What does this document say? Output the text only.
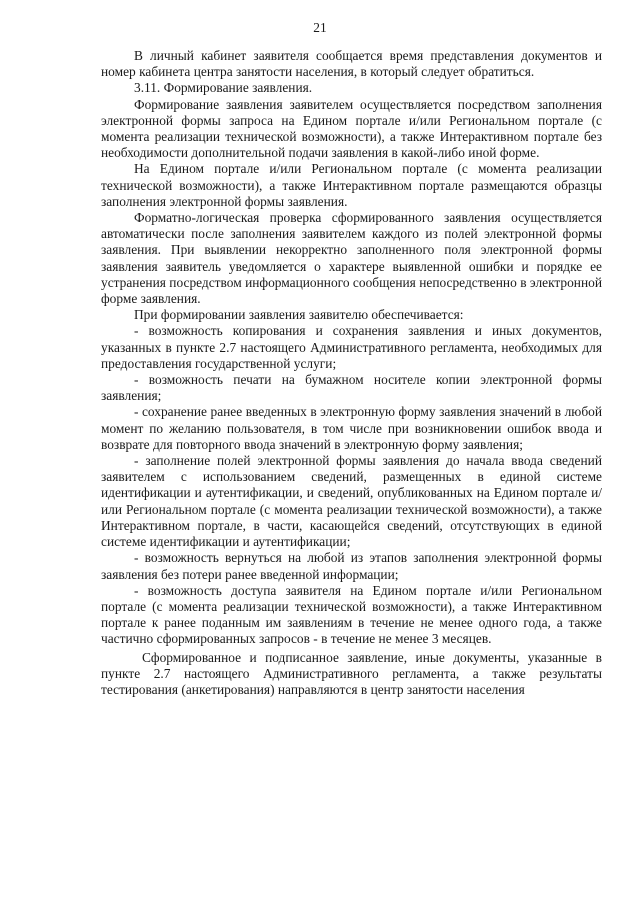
21

В личный кабинет заявителя сообщается время представления документов и номер кабинета центра занятости населения, в который следует обратиться.

3.11. Формирование заявления.

Формирование заявления заявителем осуществляется посредством заполнения электронной формы запроса на Едином портале и/или Региональном портале (с момента реализации технической возможности), а также Интерактивном портале без необходимости дополнительной подачи заявления в какой-либо иной форме.

На Едином портале и/или Региональном портале (с момента реализации технической возможности), а также Интерактивном портале размещаются образцы заполнения электронной формы заявления.

Форматно-логическая проверка сформированного заявления осуществляется автоматически после заполнения заявителем каждого из полей электронной формы заявления. При выявлении некорректно заполненного поля электронной формы заявления заявитель уведомляется о характере выявленной ошибки и порядке ее устранения посредством информационного сообщения непосредственно в электронной форме заявления.

При формировании заявления заявителю обеспечивается:

- возможность копирования и сохранения заявления и иных документов, указанных в пункте 2.7 настоящего Административного регламента, необходимых для предоставления государственной услуги;

- возможность печати на бумажном носителе копии электронной формы заявления;

- сохранение ранее введенных в электронную форму заявления значений в любой момент по желанию пользователя, в том числе при возникновении ошибок ввода и возврате для повторного ввода значений в электронную форму заявления;

- заполнение полей электронной формы заявления до начала ввода сведений заявителем с использованием сведений, размещенных в единой системе идентификации и аутентификации, и сведений, опубликованных на Едином портале и/или Региональном портале (с момента реализации технической возможности), а также Интерактивном портале, в части, касающейся сведений, отсутствующих в единой системе идентификации и аутентификации;

- возможность вернуться на любой из этапов заполнения электронной формы заявления без потери ранее введенной информации;

- возможность доступа заявителя на Едином портале и/или Региональном портале (с момента реализации технической возможности), а также Интерактивном портале к ранее поданным им заявлениям в течение не менее одного года, а также частично сформированных запросов - в течение не менее 3 месяцев.

Сформированное и подписанное заявление, иные документы, указанные в пункте 2.7 настоящего Административного регламента, а также результаты тестирования (анкетирования) направляются в центр занятости населения
